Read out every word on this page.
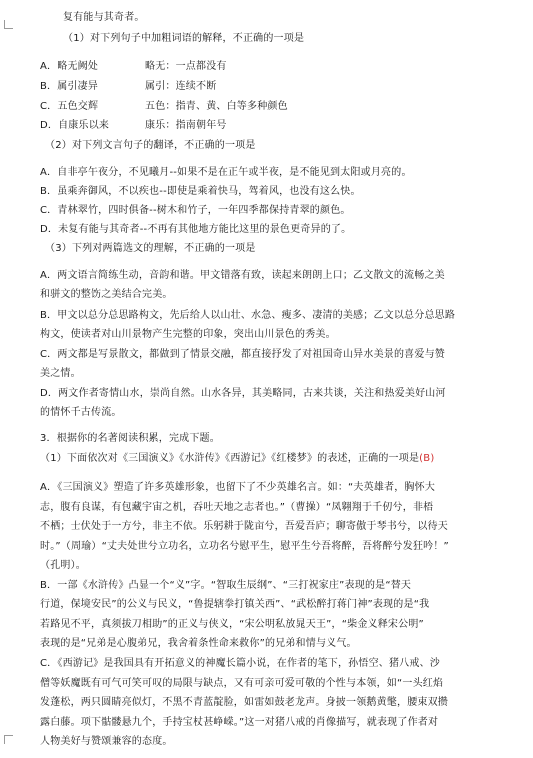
复有能与其奇者。
（1）对下列句子中加粗词语的解释，不正确的一项是
A．略无阙处	略无：一点都没有
B．属引凄异	属引：连续不断
C．五色交辉	五色：指青、黄、白等多种颜色
D．自康乐以来	康乐：指南朝年号
（2）对下列文言句子的翻译，不正确的一项是
A．自非亭午夜分，不见曦月--如果不是在正午或半夜，是不能见到太阳或月亮的。
B．虽乘奔御风，不以疾也--即使是乘着快马，驾着风，也没有这么快。
C．青林翠竹，四时俱备--树木和竹子，一年四季都保持青翠的颜色。
D．未复有能与其奇者--不再有其他地方能比这里的景色更奇异的了。
（3）下列对两篇选文的理解，不正确的一项是
A．两文语言简练生动，音韵和谐。甲文错落有致，读起来朗朗上口；乙文散文的流畅之美
和骈文的整饬之美结合完美。
B．甲文以总分总思路构文，先后给人以山壮、水急、瘦多、凄清的美感；乙文以总分总思路
构文，使读者对山川景物产生完整的印象，突出山川景色的秀美。
C．两文都是写景散文，都做到了情景交融，都直接抒发了对祖国奇山异水美景的喜爱与赞
美之情。
D．两文作者寄情山水，崇尚自然。山水各异，其美略同，古来共谈，关注和热爱美好山河
的情怀千古传流。
3．根据你的名著阅读积累，完成下题。
（1）下面依次对《三国演义》《水浒传》《西游记》《红楼梦》的表述，正确的一项是(B)
A．《三国演义》塑造了许多英雄形象，也留下了不少英雄名言。如：“夫英雄者，胸怀大
志，腹有良谋，有包藏宇宙之机，吞吐天地之志者也。”（曹操）“凤翱翔于千仞兮，非梧
不栖；士伏处于一方兮，非主不依。乐躬耕于陇亩兮，吾爱吾庐；聊寄傲于琴书兮，以待天
时。”（周瑜）“丈夫处世兮立功名，立功名兮慰平生，慰平生兮吾将醉，吾将醉兮发狂吟！”
（孔明）。
B．一部《水浒传》凸显一个“义”字。“智取生辰纲”、“三打祝家庄”表现的是“替天
行道，保境安民”的公义与民义，“鲁提辖拳打镇关西”、“武松醉打蒋门神”表现的是“我
若路见不平，真须拔刀相助”的正义与侠义，“宋公明私放晁天王”，“柴金义释宋公明”
表现的是“兄弟是心腹弟兄，我舍着条性命来救你”的兄弟和情与义气。
C．《西游记》是我国具有开拓意义的神魔长篇小说，在作者的笔下，孙悟空、猪八戒、沙
僧等妖魔既有可气可笑可叹的局限与缺点，又有可亲可爱可敬的个性与本领，如“一头红焰
发蓬松，两只圆睛亮似灯，不黑不青蓝靛脸，如雷如鼓老龙声。身披一领鹅黄氅，腰束双攒
露白藤。项下骷髅悬九个，手持宝杖甚峥嵘。”这一对猪八戒的肖像描写，就表现了作者对
人物美好与赞颂兼容的态度。
